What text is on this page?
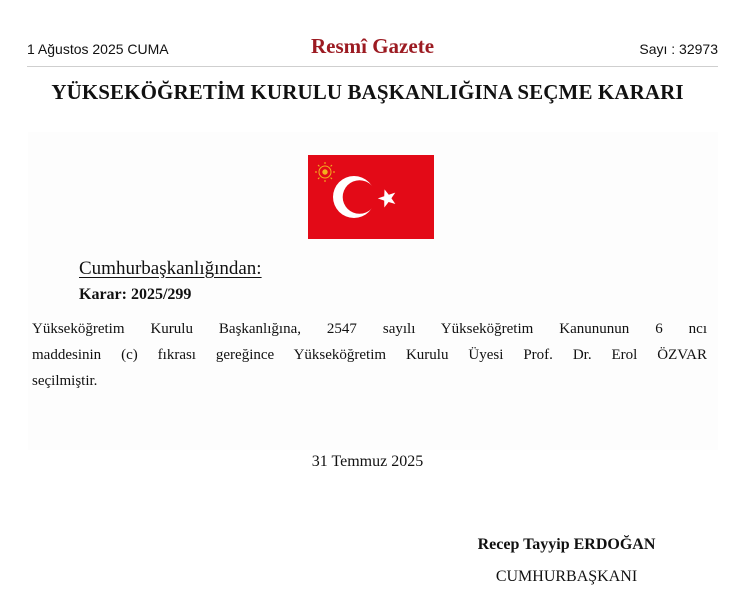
1 Ağustos 2025 CUMA	Resmî Gazete	Sayı : 32973
YÜKSEKÖĞRETİM KURULU BAŞKANLIĞINA SEÇME KARARI
Cumhurbaşkanlığından:
Karar: 2025/299
Yükseköğretim Kurulu Başkanlığına, 2547 sayılı Yükseköğretim Kanununun 6 ncı
maddesinin (c) fıkrası gereğince Yükseköğretim Kurulu Üyesi Prof. Dr. Erol ÖZVAR
seçilmiştir.
31 Temmuz 2025
Recep Tayyip ERDOĞAN
CUMHURBAŞKANI
